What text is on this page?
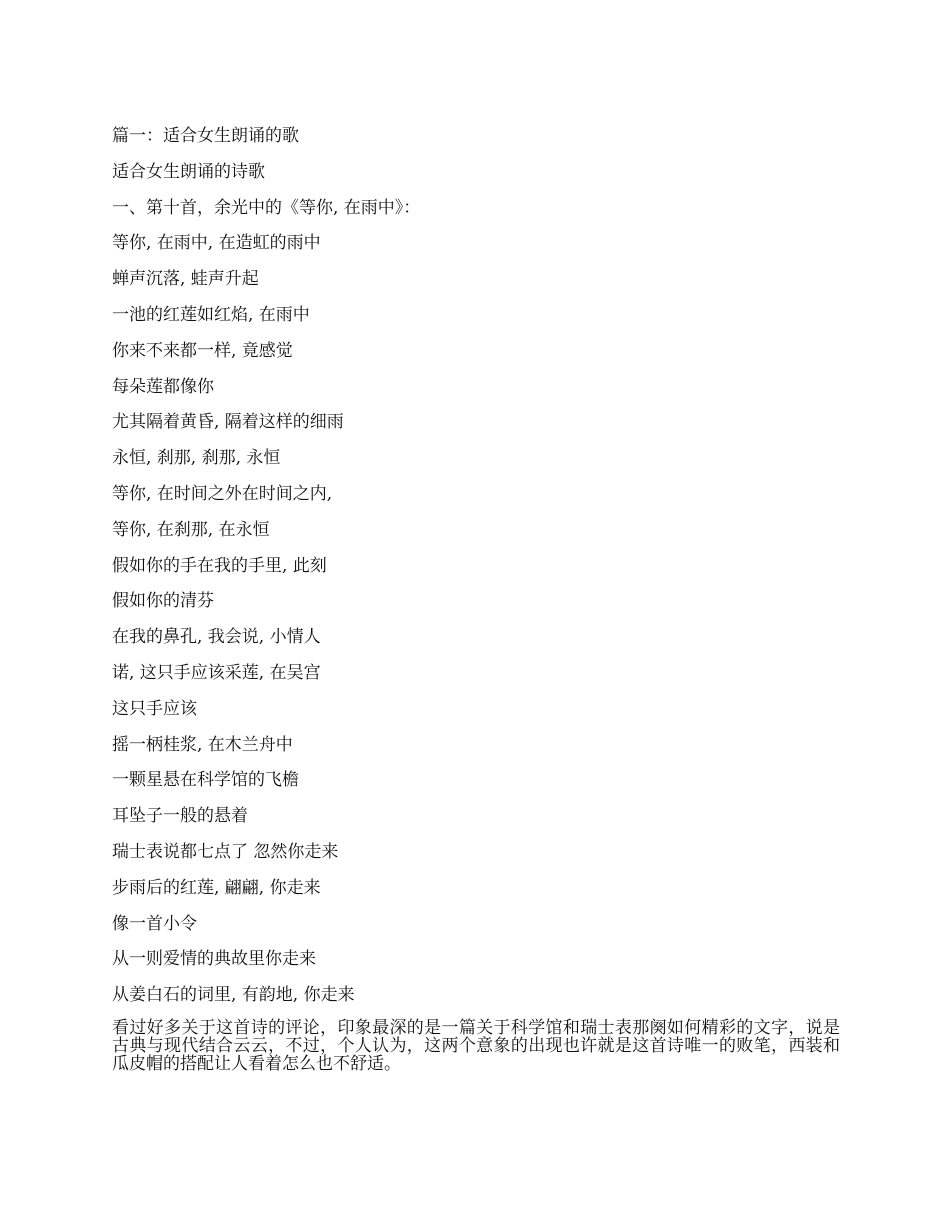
篇一：适合女生朗诵的歌
适合女生朗诵的诗歌
一、第十首，余光中的《等你, 在雨中》：
等你, 在雨中, 在造虹的雨中
蝉声沉落, 蛙声升起
一池的红莲如红焰, 在雨中
你来不来都一样, 竟感觉
每朵莲都像你
尤其隔着黄昏, 隔着这样的细雨
永恒, 刹那, 刹那, 永恒
等你, 在时间之外在时间之内,
等你, 在刹那, 在永恒
假如你的手在我的手里, 此刻
假如你的清芬
在我的鼻孔, 我会说, 小情人
诺, 这只手应该采莲, 在吴宫
这只手应该
摇一柄桂浆, 在木兰舟中
一颗星悬在科学馆的飞檐
耳坠子一般的悬着
瑞士表说都七点了 忽然你走来
步雨后的红莲, 翩翩, 你走来
像一首小令
从一则爱情的典故里你走来
从姜白石的词里, 有韵地, 你走来

看过好多关于这首诗的评论，印象最深的是一篇关于科学馆和瑞士表那阕如何精彩的文字，说是古典与现代结合云云，不过，个人认为，这两个意象的出现也许就是这首诗唯一的败笔，西装和瓜皮帽的搭配让人看着怎么也不舒适。
